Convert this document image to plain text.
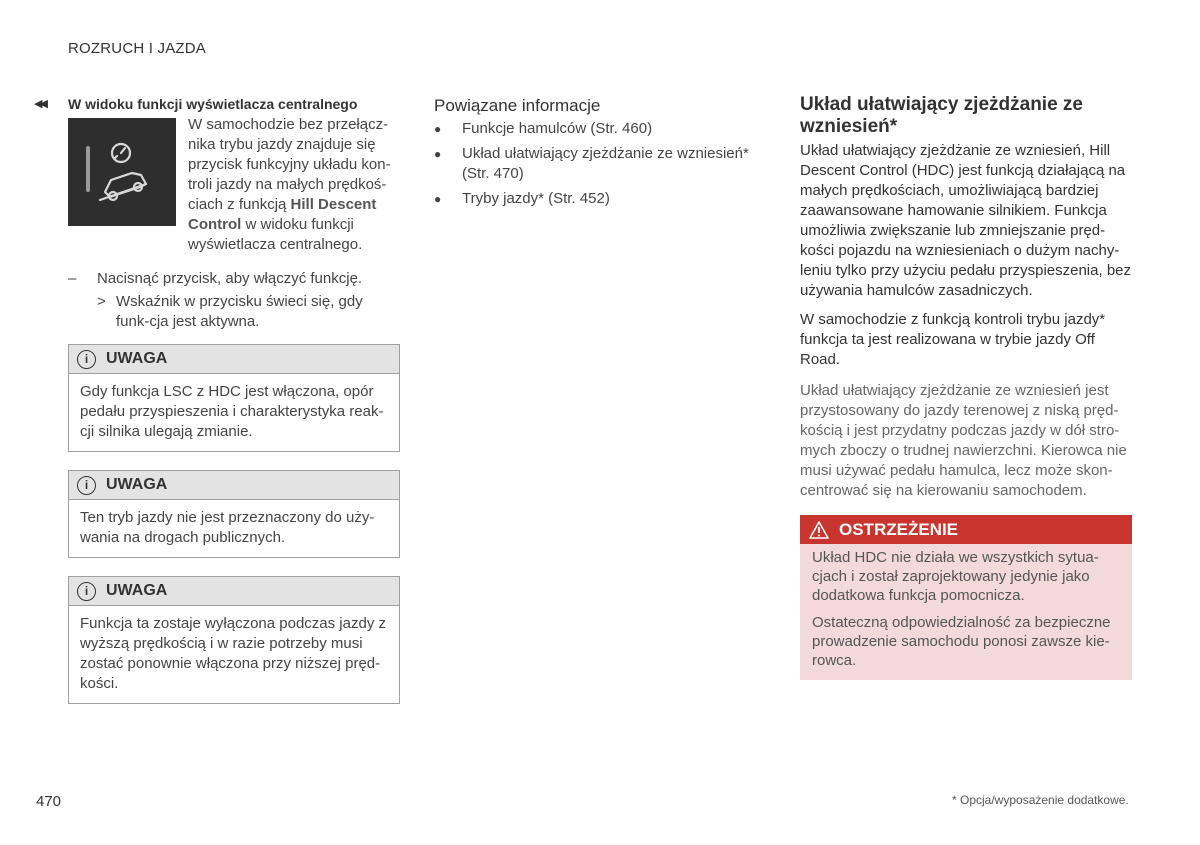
ROZRUCH I JAZDA
◀◀ W widoku funkcji wyświetlacza centralnego
W samochodzie bez przełącz-nika trybu jazdy znajduje się przycisk funkcyjny układu kon-troli jazdy na małych prędkoś-ciach z funkcją Hill Descent Control w widoku funkcji wyświetlacza centralnego.
–	Nacisnąć przycisk, aby włączyć funkcję.
> Wskaźnik w przycisku świeci się, gdy funk-cja jest aktywna.
i	UWAGA
Gdy funkcja LSC z HDC jest włączona, opór pedału przyspieszenia i charakterystyka reak-cji silnika ulegają zmianie.
i	UWAGA
Ten tryb jazdy nie jest przeznaczony do uży-wania na drogach publicznych.
i	UWAGA
Funkcja ta zostaje wyłączona podczas jazdy z wyższą prędkością i w razie potrzeby musi zostać ponownie włączona przy niższej pręd-kości.

Powiązane informacje

●	Funkcje hamulców (Str. 460)
●	Układ ułatwiający zjeżdżanie ze wzniesień* (Str. 470)
●	Tryby jazdy* (Str. 452)

Układ ułatwiający zjeżdżanie ze wzniesień*

Układ ułatwiający zjeżdżanie ze wzniesień, Hill Descent Control (HDC) jest funkcją działającą na małych prędkościach, umożliwiającą bardziej zaawansowane hamowanie silnikiem. Funkcja umożliwia zwiększanie lub zmniejszanie pręd-kości pojazdu na wzniesieniach o dużym nachy-leniu tylko przy użyciu pedału przyspieszenia, bez używania hamulców zasadniczych.

W samochodzie z funkcją kontroli trybu jazdy* funkcja ta jest realizowana w trybie jazdy Off Road.

Układ ułatwiający zjeżdżanie ze wzniesień jest przystosowany do jazdy terenowej z niską pręd-kością i jest przydatny podczas jazdy w dół stro-mych zboczy o trudnej nawierzchni. Kierowca nie musi używać pedału hamulca, lecz może skon-centrować się na kierowaniu samochodem.

OSTRZEŻENIE
Układ HDC nie działa we wszystkich sytua-cjach i został zaprojektowany jedynie jako dodatkowa funkcja pomocnicza.
Ostateczną odpowiedzialność za bezpieczne prowadzenie samochodu ponosi zawsze kie-rowca.
470	* Opcja/wyposażenie dodatkowe.
